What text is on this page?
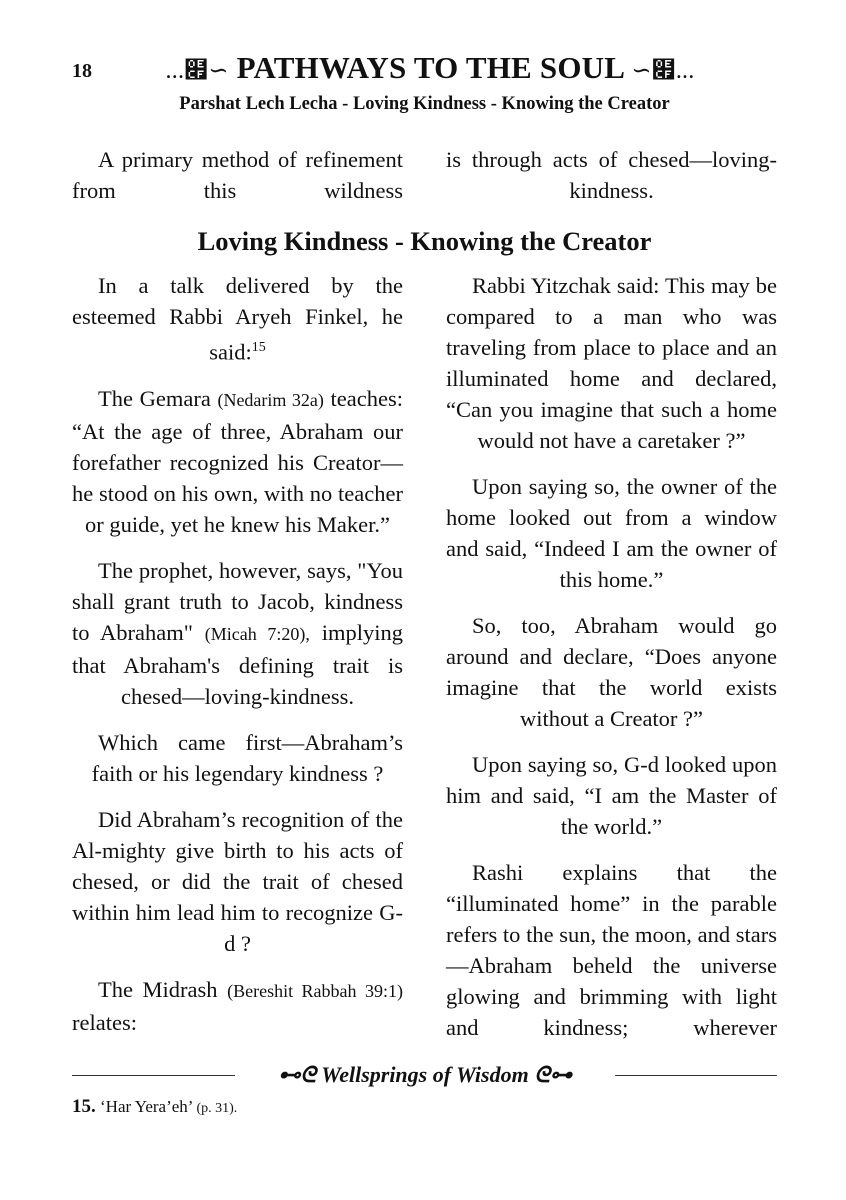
18	...໏∽ PATHWAYS TO THE SOUL ∽໏...
Parshat Lech Lecha - Loving Kindness - Knowing the Creator

A primary method of refinement from this wildness

is through acts of chesed—loving-kindness.

Loving Kindness - Knowing the Creator

In a talk delivered by the esteemed Rabbi Aryeh Finkel, he said:$^{15}$

The Gemara (Nedarim 32a) teaches: “At the age of three, Abraham our forefather recognized his Creator—he stood on his own, with no teacher or guide, yet he knew his Maker.”

The prophet, however, says, "You shall grant truth to Jacob, kindness to Abraham" (Micah 7:20), implying that Abraham's defining trait is chesed—loving-kindness.

Which came first—Abraham’s faith or his legendary kindness ?

Did Abraham’s recognition of the Al-mighty give birth to his acts of chesed, or did the trait of chesed within him lead him to recognize G-d ?

The Midrash (Bereshit Rabbah 39:1) relates:

Rabbi Yitzchak said: This may be compared to a man who was traveling from place to place and an illuminated home and declared, “Can you imagine that such a home would not have a caretaker ?”

Upon saying so, the owner of the home looked out from a window and said, “Indeed I am the owner of this home.”

So, too, Abraham would go around and declare, “Does anyone imagine that the world exists without a Creator ?”

Upon saying so, G-d looked upon him and said, “I am the Master of the world.”

Rashi explains that the “illuminated home” in the parable refers to the sun, the moon, and stars—Abraham beheld the universe glowing and brimming with light and kindness; wherever

⊷ᘓ Wellsprings of Wisdom ᘓ⊶
15. ‘Har Yera’eh’ (p. 31).
